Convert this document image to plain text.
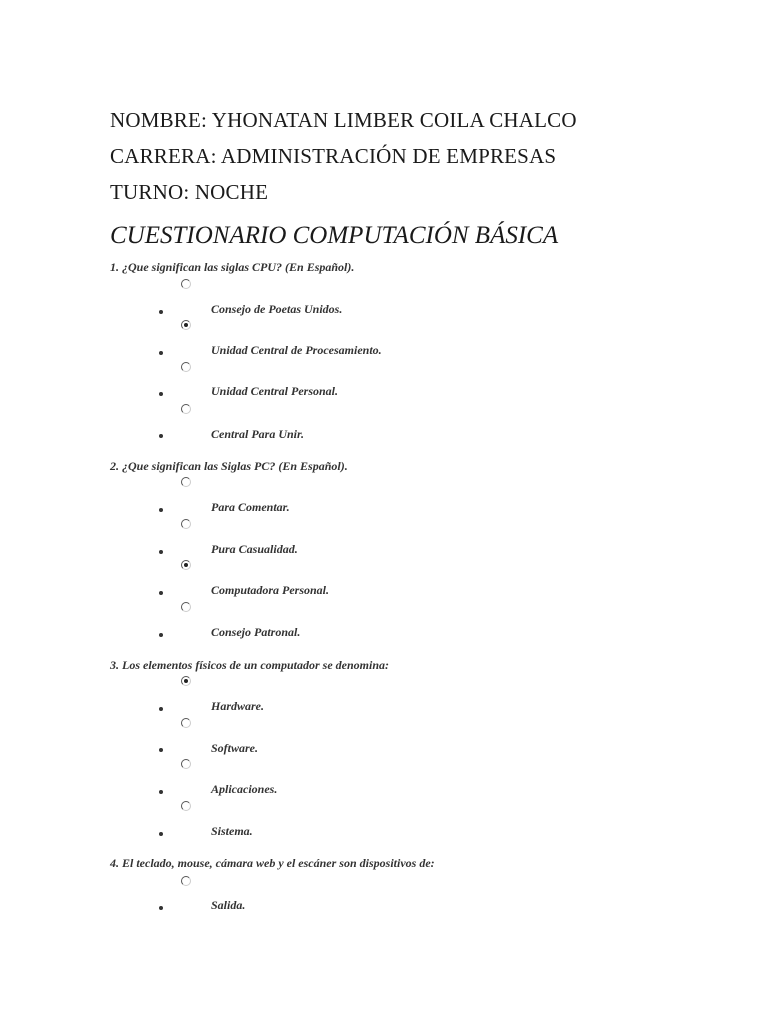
NOMBRE: YHONATAN LIMBER COILA CHALCO
CARRERA: ADMINISTRACIÓN DE EMPRESAS
TURNO: NOCHE
CUESTIONARIO COMPUTACIÓN BÁSICA
1. ¿Que significan las siglas CPU? (En Español).
Consejo de Poetas Unidos.
Unidad Central de Procesamiento.
Unidad Central Personal.
Central Para Unir.
2. ¿Que significan las Siglas PC? (En Español).
Para Comentar.
Pura Casualidad.
Computadora Personal.
Consejo Patronal.
3. Los elementos físicos de un computador se denomina:
Hardware.
Software.
Aplicaciones.
Sistema.
4. El teclado, mouse, cámara web y el escáner son dispositivos de:
Salida.
